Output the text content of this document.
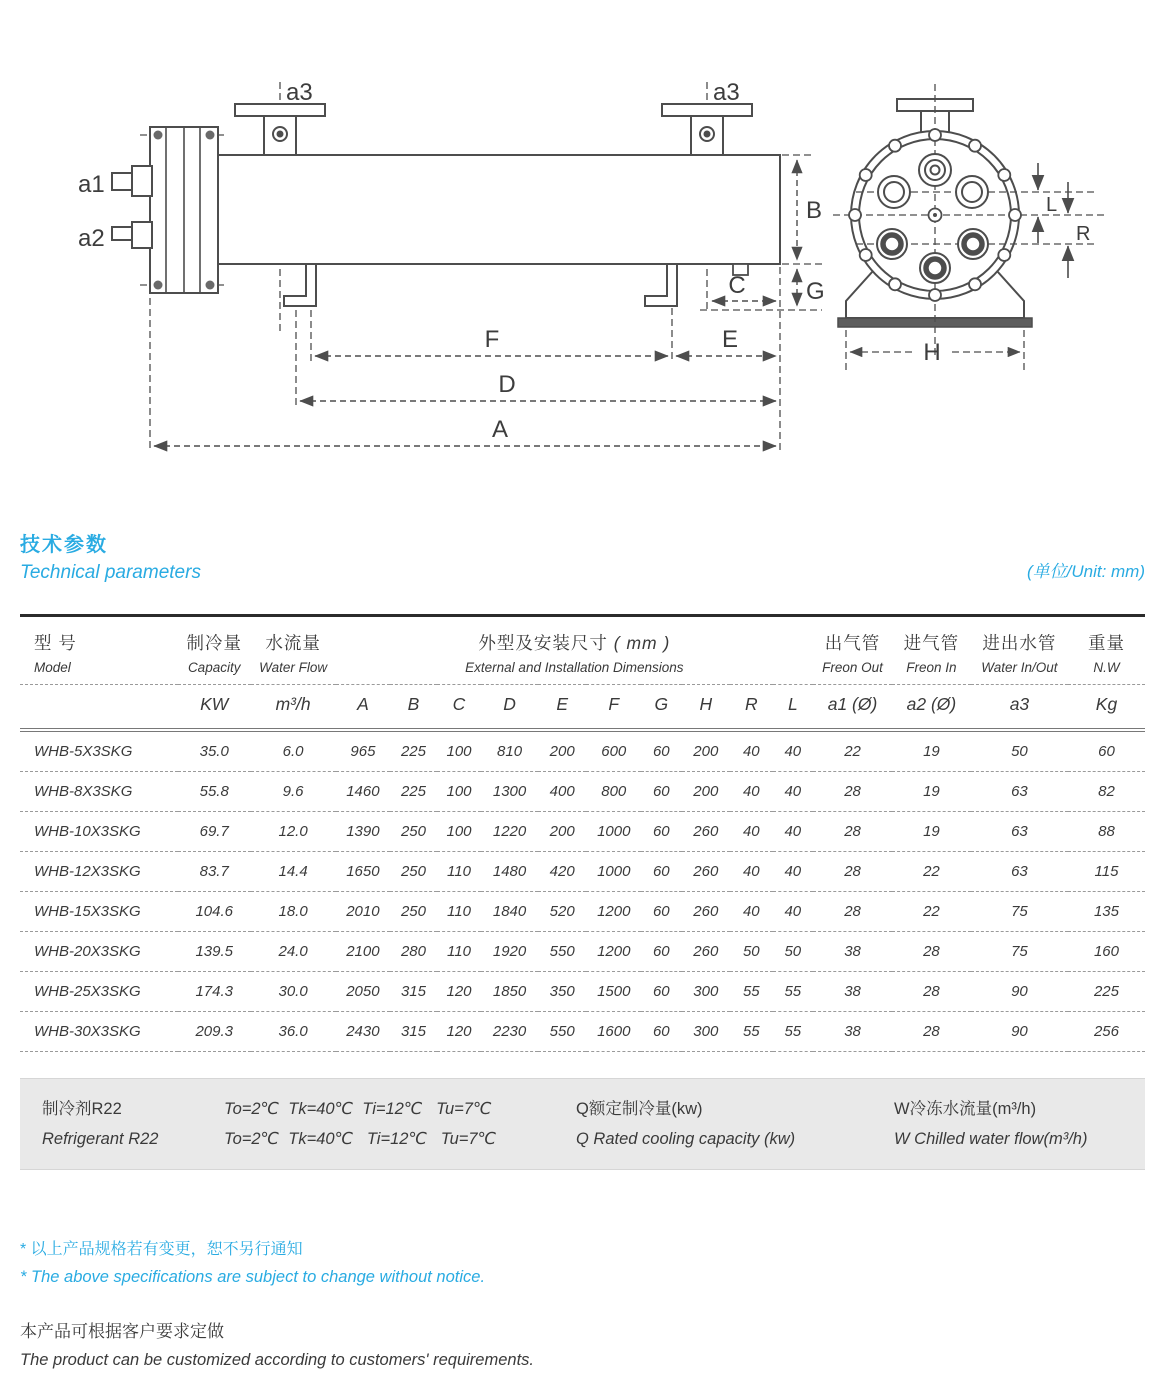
a3	a3
a1
a2
B
G
C
F	E
D
A
L
R
H
技术参数
Technical parameters	(单位/Unit: mm)
型 号
Model

制冷量
Capacity

水流量
Water Flow

外型及安装尺寸 ( mm )
External and Installation Dimensions

出气管
Freon Out

进气管
Freon In

进出水管
Water In/Out

重量
N.W

	KW	m³/h	A	B	C	D	E	F	G	H	R	L	a1 (Ø)	a2 (Ø)	a3	Kg
WHB-5X3SKG	35.0	6.0	965	225	100	810	200	600	60	200	40	40	22	19	50	60
WHB-8X3SKG	55.8	9.6	1460	225	100	1300	400	800	60	200	40	40	28	19	63	82
WHB-10X3SKG	69.7	12.0	1390	250	100	1220	200	1000	60	260	40	40	28	19	63	88
WHB-12X3SKG	83.7	14.4	1650	250	110	1480	420	1000	60	260	40	40	28	22	63	115
WHB-15X3SKG	104.6	18.0	2010	250	110	1840	520	1200	60	260	40	40	28	22	75	135
WHB-20X3SKG	139.5	24.0	2100	280	110	1920	550	1200	60	260	50	50	38	28	75	160
WHB-25X3SKG	174.3	30.0	2050	315	120	1850	350	1500	60	300	55	55	38	28	90	225
WHB-30X3SKG	209.3	36.0	2430	315	120	2230	550	1600	60	300	55	55	38	28	90	256
制冷剂R22	To=2℃  Tk=40℃  Ti=12℃   Tu=7℃	Q额定制冷量(kw)	W冷冻水流量(m³/h)
Refrigerant R22	To=2℃  Tk=40℃   Ti=12℃   Tu=7℃	Q Rated cooling capacity (kw)	W Chilled water flow(m³/h)
* 以上产品规格若有变更，恕不另行通知
* The above specifications are subject to change without notice.
本产品可根据客户要求定做
The product can be customized according to customers' requirements.
